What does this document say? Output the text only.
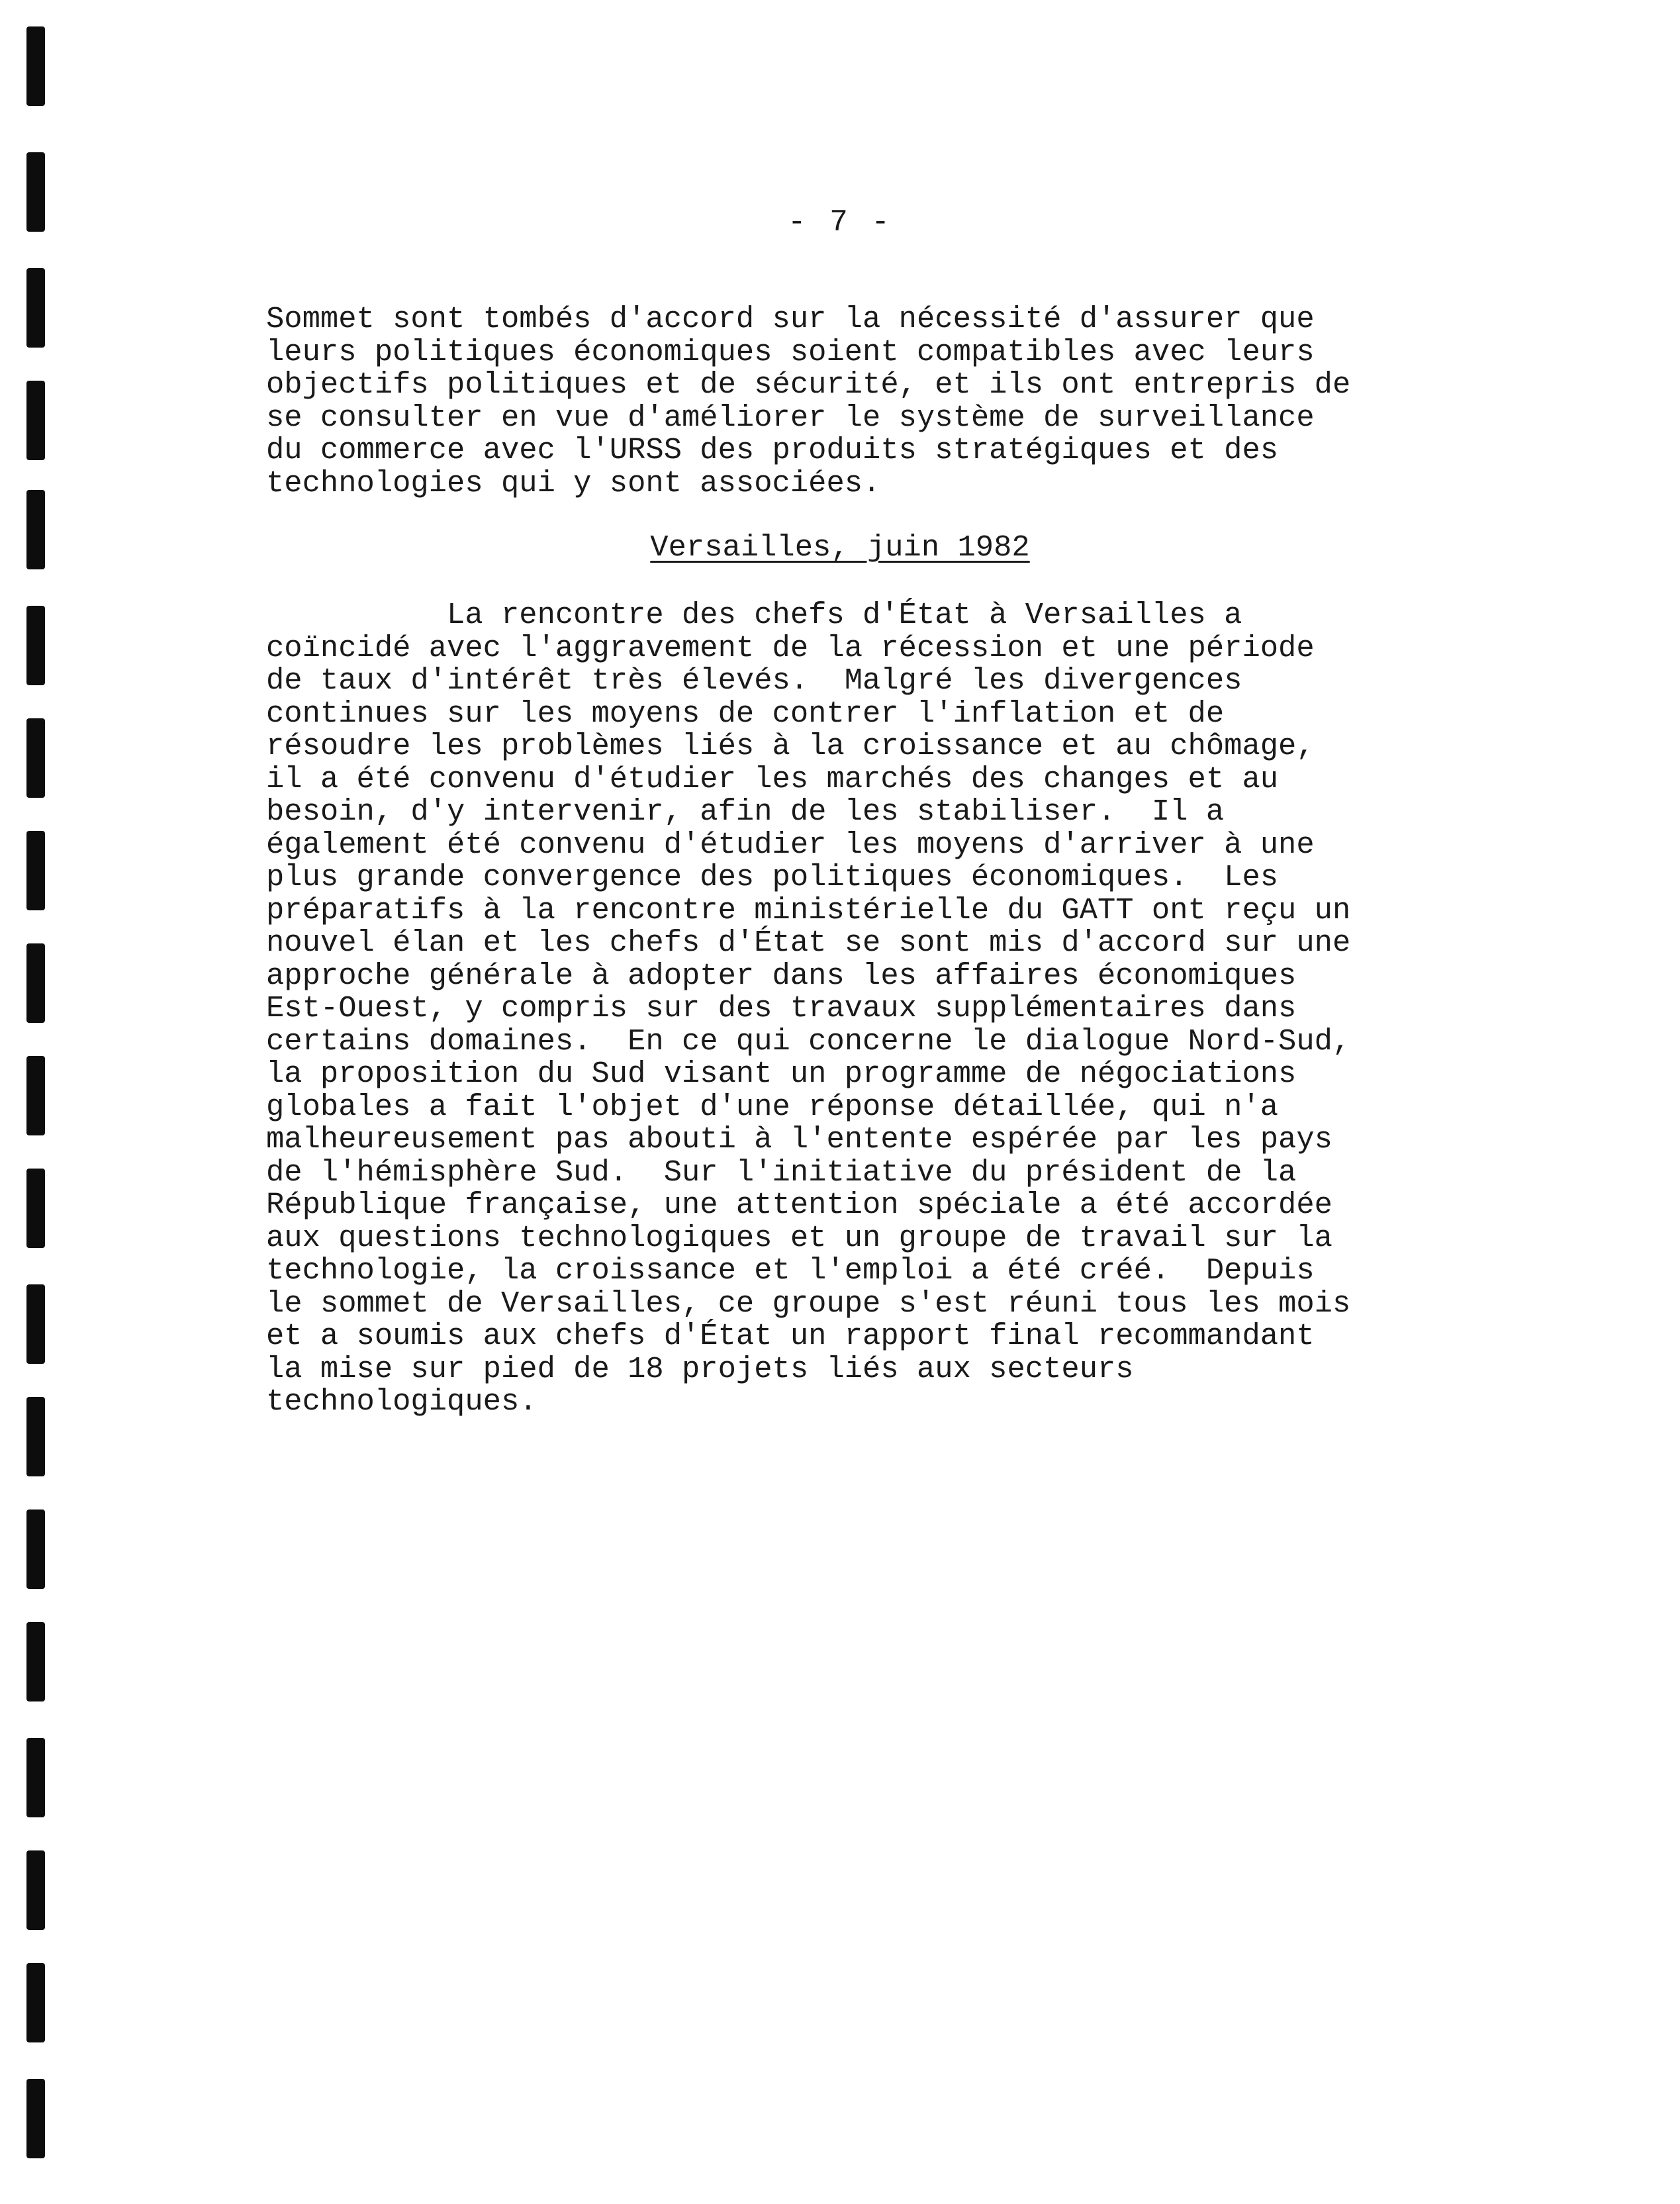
- 7 -

Sommet sont tombés d'accord sur la nécessité d'assurer que
leurs politiques économiques soient compatibles avec leurs
objectifs politiques et de sécurité, et ils ont entrepris de
se consulter en vue d'améliorer le système de surveillance
du commerce avec l'URSS des produits stratégiques et des
technologies qui y sont associées.

Versailles, juin 1982

La rencontre des chefs d'État à Versailles a
coïncidé avec l'aggravement de la récession et une période
de taux d'intérêt très élevés.  Malgré les divergences
continues sur les moyens de contrer l'inflation et de
résoudre les problèmes liés à la croissance et au chômage,
il a été convenu d'étudier les marchés des changes et au
besoin, d'y intervenir, afin de les stabiliser.  Il a
également été convenu d'étudier les moyens d'arriver à une
plus grande convergence des politiques économiques.  Les
préparatifs à la rencontre ministérielle du GATT ont reçu un
nouvel élan et les chefs d'État se sont mis d'accord sur une
approche générale à adopter dans les affaires économiques
Est-Ouest, y compris sur des travaux supplémentaires dans
certains domaines.  En ce qui concerne le dialogue Nord-Sud,
la proposition du Sud visant un programme de négociations
globales a fait l'objet d'une réponse détaillée, qui n'a
malheureusement pas abouti à l'entente espérée par les pays
de l'hémisphère Sud.  Sur l'initiative du président de la
République française, une attention spéciale a été accordée
aux questions technologiques et un groupe de travail sur la
technologie, la croissance et l'emploi a été créé.  Depuis
le sommet de Versailles, ce groupe s'est réuni tous les mois
et a soumis aux chefs d'État un rapport final recommandant
la mise sur pied de 18 projets liés aux secteurs
technologiques.
